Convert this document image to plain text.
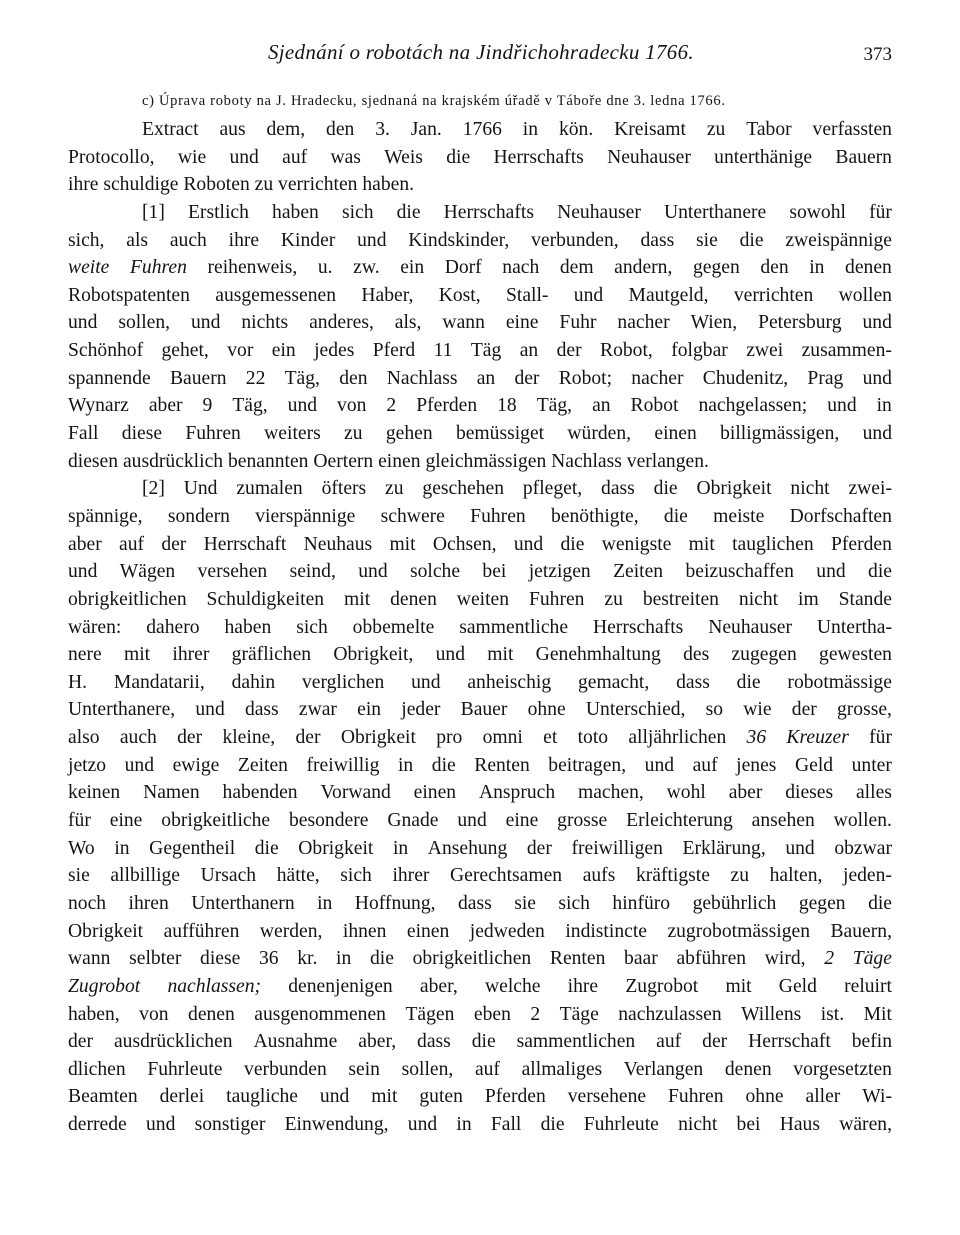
Sjednání o robotách na Jindřichohradecku 1766.	373
c) Úprava roboty na J. Hradecku, sjednaná na krajském úřadě v Táboře dne 3. ledna 1766.
Extract aus dem, den 3. Jan. 1766 in kön. Kreisamt zu Tabor verfassten
Protocollo, wie und auf was Weis die Herrschafts Neuhauser unterthänige Bauern
ihre schuldige Roboten zu verrichten haben.
[1] Erstlich haben sich die Herrschafts Neuhauser Unterthanere sowohl für
sich, als auch ihre Kinder und Kindskinder, verbunden, dass sie die zweispännige
weite Fuhren reihenweis, u. zw. ein Dorf nach dem andern, gegen den in denen
Robotspatenten ausgemessenen Haber, Kost, Stall- und Mautgeld, verrichten wollen
und sollen, und nichts anderes, als, wann eine Fuhr nacher Wien, Petersburg und
Schönhof gehet, vor ein jedes Pferd 11 Täg an der Robot, folgbar zwei zusammen-
spannende Bauern 22 Täg, den Nachlass an der Robot; nacher Chudenitz, Prag und
Wynarz aber 9 Täg, und von 2 Pferden 18 Täg, an Robot nachgelassen; und in
Fall diese Fuhren weiters zu gehen bemüssiget würden, einen billigmässigen, und
diesen ausdrücklich benannten Oertern einen gleichmässigen Nachlass verlangen.
[2] Und zumalen öfters zu geschehen pfleget, dass die Obrigkeit nicht zwei-
spännige, sondern vierspännige schwere Fuhren benöthigte, die meiste Dorfschaften
aber auf der Herrschaft Neuhaus mit Ochsen, und die wenigste mit tauglichen Pferden
und Wägen versehen seind, und solche bei jetzigen Zeiten beizuschaffen und die
obrigkeitlichen Schuldigkeiten mit denen weiten Fuhren zu bestreiten nicht im Stande
wären: dahero haben sich obbemelte sammentliche Herrschafts Neuhauser Untertha-
nere mit ihrer gräflichen Obrigkeit, und mit Genehmhaltung des zugegen gewesten
H. Mandatarii, dahin verglichen und anheischig gemacht, dass die robotmässige
Unterthanere, und dass zwar ein jeder Bauer ohne Unterschied, so wie der grosse,
also auch der kleine, der Obrigkeit pro omni et toto alljährlichen 36 Kreuzer für
jetzo und ewige Zeiten freiwillig in die Renten beitragen, und auf jenes Geld unter
keinen Namen habenden Vorwand einen Anspruch machen, wohl aber dieses alles
für eine obrigkeitliche besondere Gnade und eine grosse Erleichterung ansehen wollen.
Wo in Gegentheil die Obrigkeit in Ansehung der freiwilligen Erklärung, und obzwar
sie allbillige Ursach hätte, sich ihrer Gerechtsamen aufs kräftigste zu halten, jeden-
noch ihren Unterthanern in Hoffnung, dass sie sich hinfüro gebührlich gegen die
Obrigkeit aufführen werden, ihnen einen jedweden indistincte zugrobotmässigen Bauern,
wann selbter diese 36 kr. in die obrigkeitlichen Renten baar abführen wird, 2 Täge
Zugrobot nachlassen; denenjenigen aber, welche ihre Zugrobot mit Geld reluirt
haben, von denen ausgenommenen Tägen eben 2 Täge nachzulassen Willens ist. Mit
der ausdrücklichen Ausnahme aber, dass die sammentlichen auf der Herrschaft befin
dlichen Fuhrleute verbunden sein sollen, auf allmaliges Verlangen denen vorgesetzten
Beamten derlei taugliche und mit guten Pferden versehene Fuhren ohne aller Wi-
derrede und sonstiger Einwendung, und in Fall die Fuhrleute nicht bei Haus wären,
